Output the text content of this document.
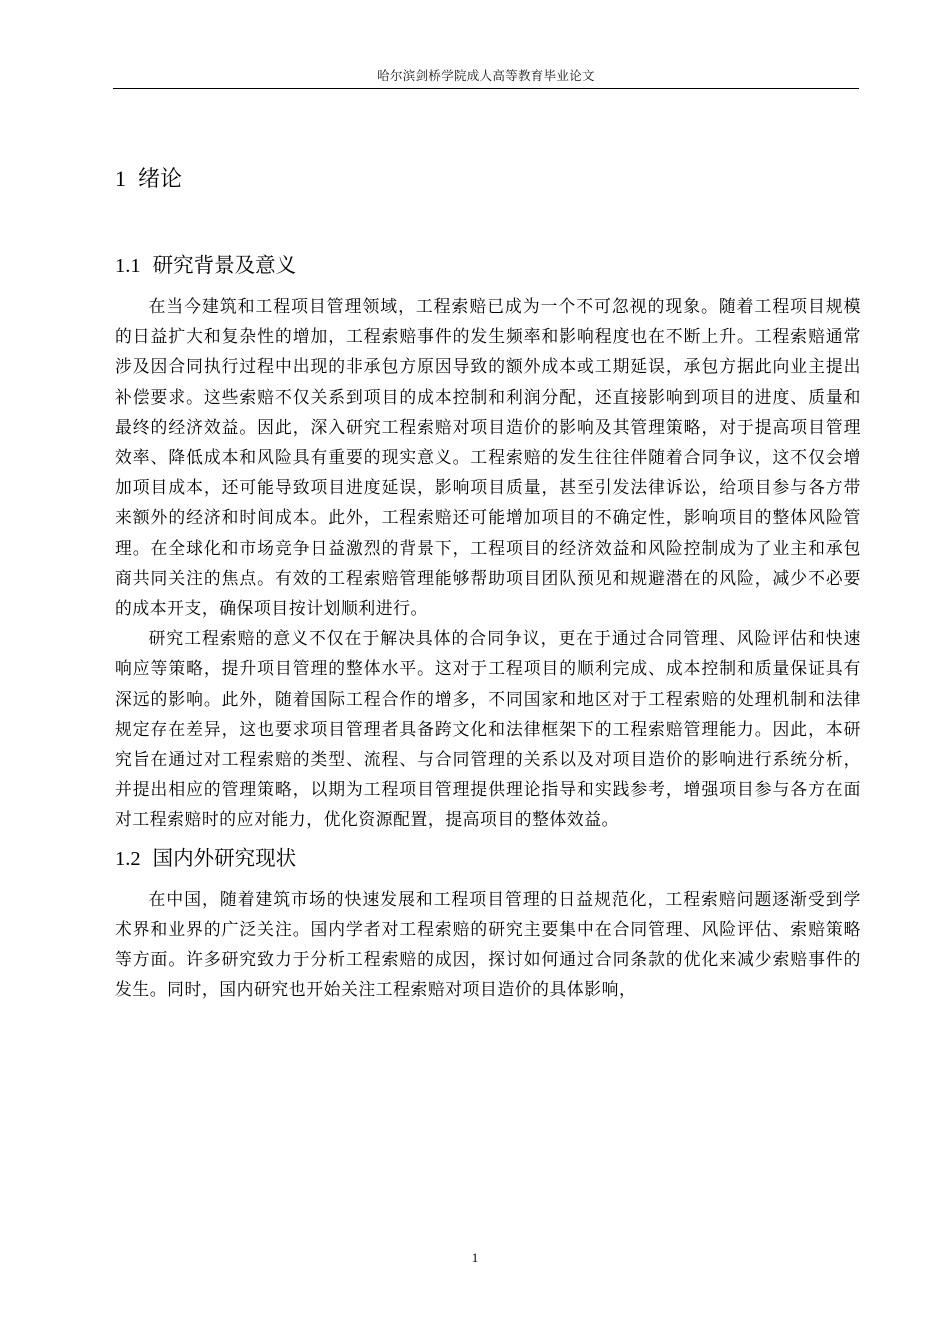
哈尔滨剑桥学院成人高等教育毕业论文
1 绪论
1.1 研究背景及意义

在当今建筑和工程项目管理领域，工程索赔已成为一个不可忽视的现象。随着工程项目规模的日益扩大和复杂性的增加，工程索赔事件的发生频率和影响程度也在不断上升。工程索赔通常涉及因合同执行过程中出现的非承包方原因导致的额外成本或工期延误，承包方据此向业主提出补偿要求。这些索赔不仅关系到项目的成本控制和利润分配，还直接影响到项目的进度、质量和最终的经济效益。因此，深入研究工程索赔对项目造价的影响及其管理策略，对于提高项目管理效率、降低成本和风险具有重要的现实意义。工程索赔的发生往往伴随着合同争议，这不仅会增加项目成本，还可能导致项目进度延误，影响项目质量，甚至引发法律诉讼，给项目参与各方带来额外的经济和时间成本。此外，工程索赔还可能增加项目的不确定性，影响项目的整体风险管理。在全球化和市场竞争日益激烈的背景下，工程项目的经济效益和风险控制成为了业主和承包商共同关注的焦点。有效的工程索赔管理能够帮助项目团队预见和规避潜在的风险，减少不必要的成本开支，确保项目按计划顺利进行。

研究工程索赔的意义不仅在于解决具体的合同争议，更在于通过合同管理、风险评估和快速响应等策略，提升项目管理的整体水平。这对于工程项目的顺利完成、成本控制和质量保证具有深远的影响。此外，随着国际工程合作的增多，不同国家和地区对于工程索赔的处理机制和法律规定存在差异，这也要求项目管理者具备跨文化和法律框架下的工程索赔管理能力。因此，本研究旨在通过对工程索赔的类型、流程、与合同管理的关系以及对项目造价的影响进行系统分析，并提出相应的管理策略，以期为工程项目管理提供理论指导和实践参考，增强项目参与各方在面对工程索赔时的应对能力，优化资源配置，提高项目的整体效益。

1.2 国内外研究现状

在中国，随着建筑市场的快速发展和工程项目管理的日益规范化，工程索赔问题逐渐受到学术界和业界的广泛关注。国内学者对工程索赔的研究主要集中在合同管理、风险评估、索赔策略等方面。许多研究致力于分析工程索赔的成因，探讨如何通过合同条款的优化来减少索赔事件的发生。同时，国内研究也开始关注工程索赔对项目造价的具体影响，

1
